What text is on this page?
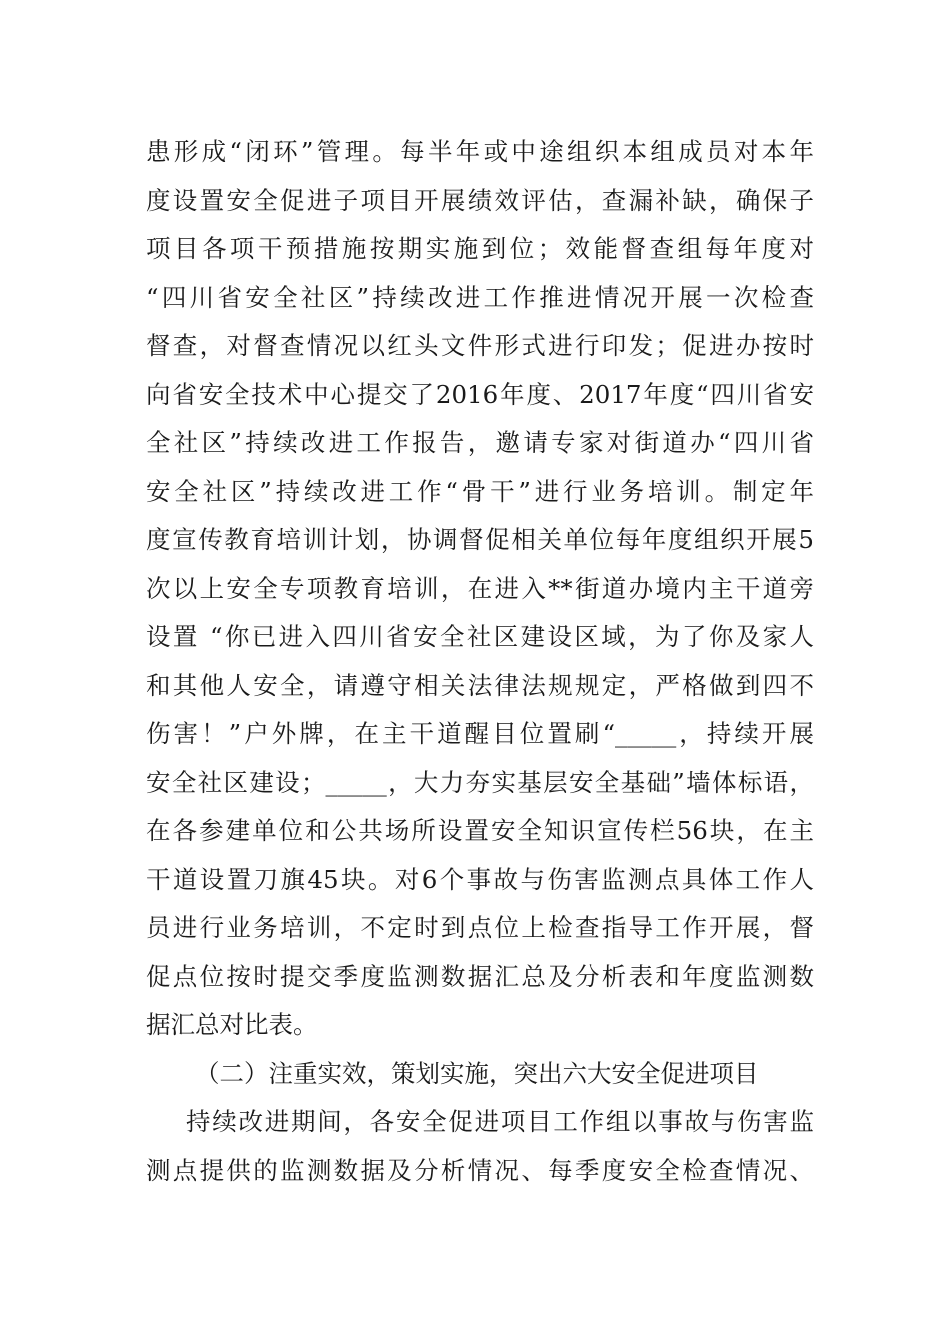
患形成“闭环”管理。每半年或中途组织本组成员对本年
度设置安全促进子项目开展绩效评估，查漏补缺，确保子
项目各项干预措施按期实施到位；效能督查组每年度对
“四川省安全社区”持续改进工作推进情况开展一次检查
督查，对督查情况以红头文件形式进行印发；促进办按时
向省安全技术中心提交了2016年度、2017年度“四川省安
全社区”持续改进工作报告，邀请专家对街道办“四川省
安全社区”持续改进工作“骨干”进行业务培训。制定年
度宣传教育培训计划，协调督促相关单位每年度组织开展5
次以上安全专项教育培训，在进入**街道办境内主干道旁
设置 “你已进入四川省安全社区建设区域，为了你及家人
和其他人安全，请遵守相关法律法规规定，严格做到四不
伤害！”户外牌，在主干道醒目位置刷“_____，持续开展
安全社区建设；_____，大力夯实基层安全基础”墙体标语，
在各参建单位和公共场所设置安全知识宣传栏56块，在主
干道设置刀旗45块。对6个事故与伤害监测点具体工作人
员进行业务培训，不定时到点位上检查指导工作开展，督
促点位按时提交季度监测数据汇总及分析表和年度监测数
据汇总对比表。
（二）注重实效，策划实施，突出六大安全促进项目
持续改进期间，各安全促进项目工作组以事故与伤害监
测点提供的监测数据及分析情况、每季度安全检查情况、
